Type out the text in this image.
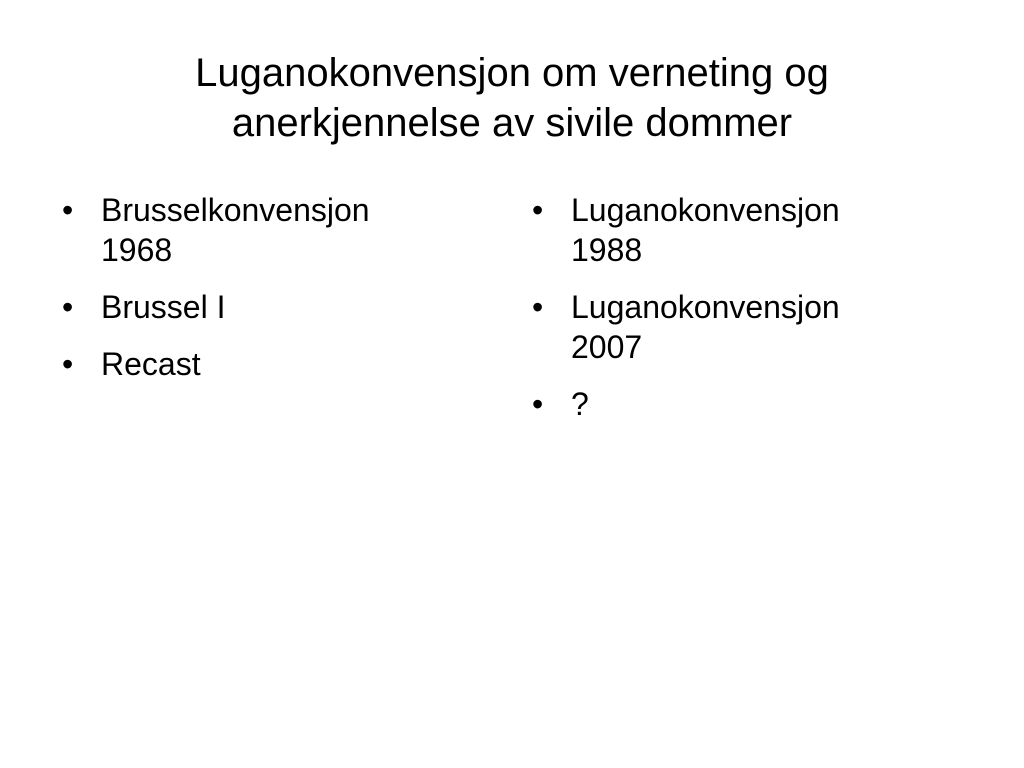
Luganokonvensjon om verneting og
anerkjennelse av sivile dommer
• Brusselkonvensjon
1968
• Brussel I
• Recast
• Luganokonvensjon
1988
• Luganokonvensjon
2007
• ?
